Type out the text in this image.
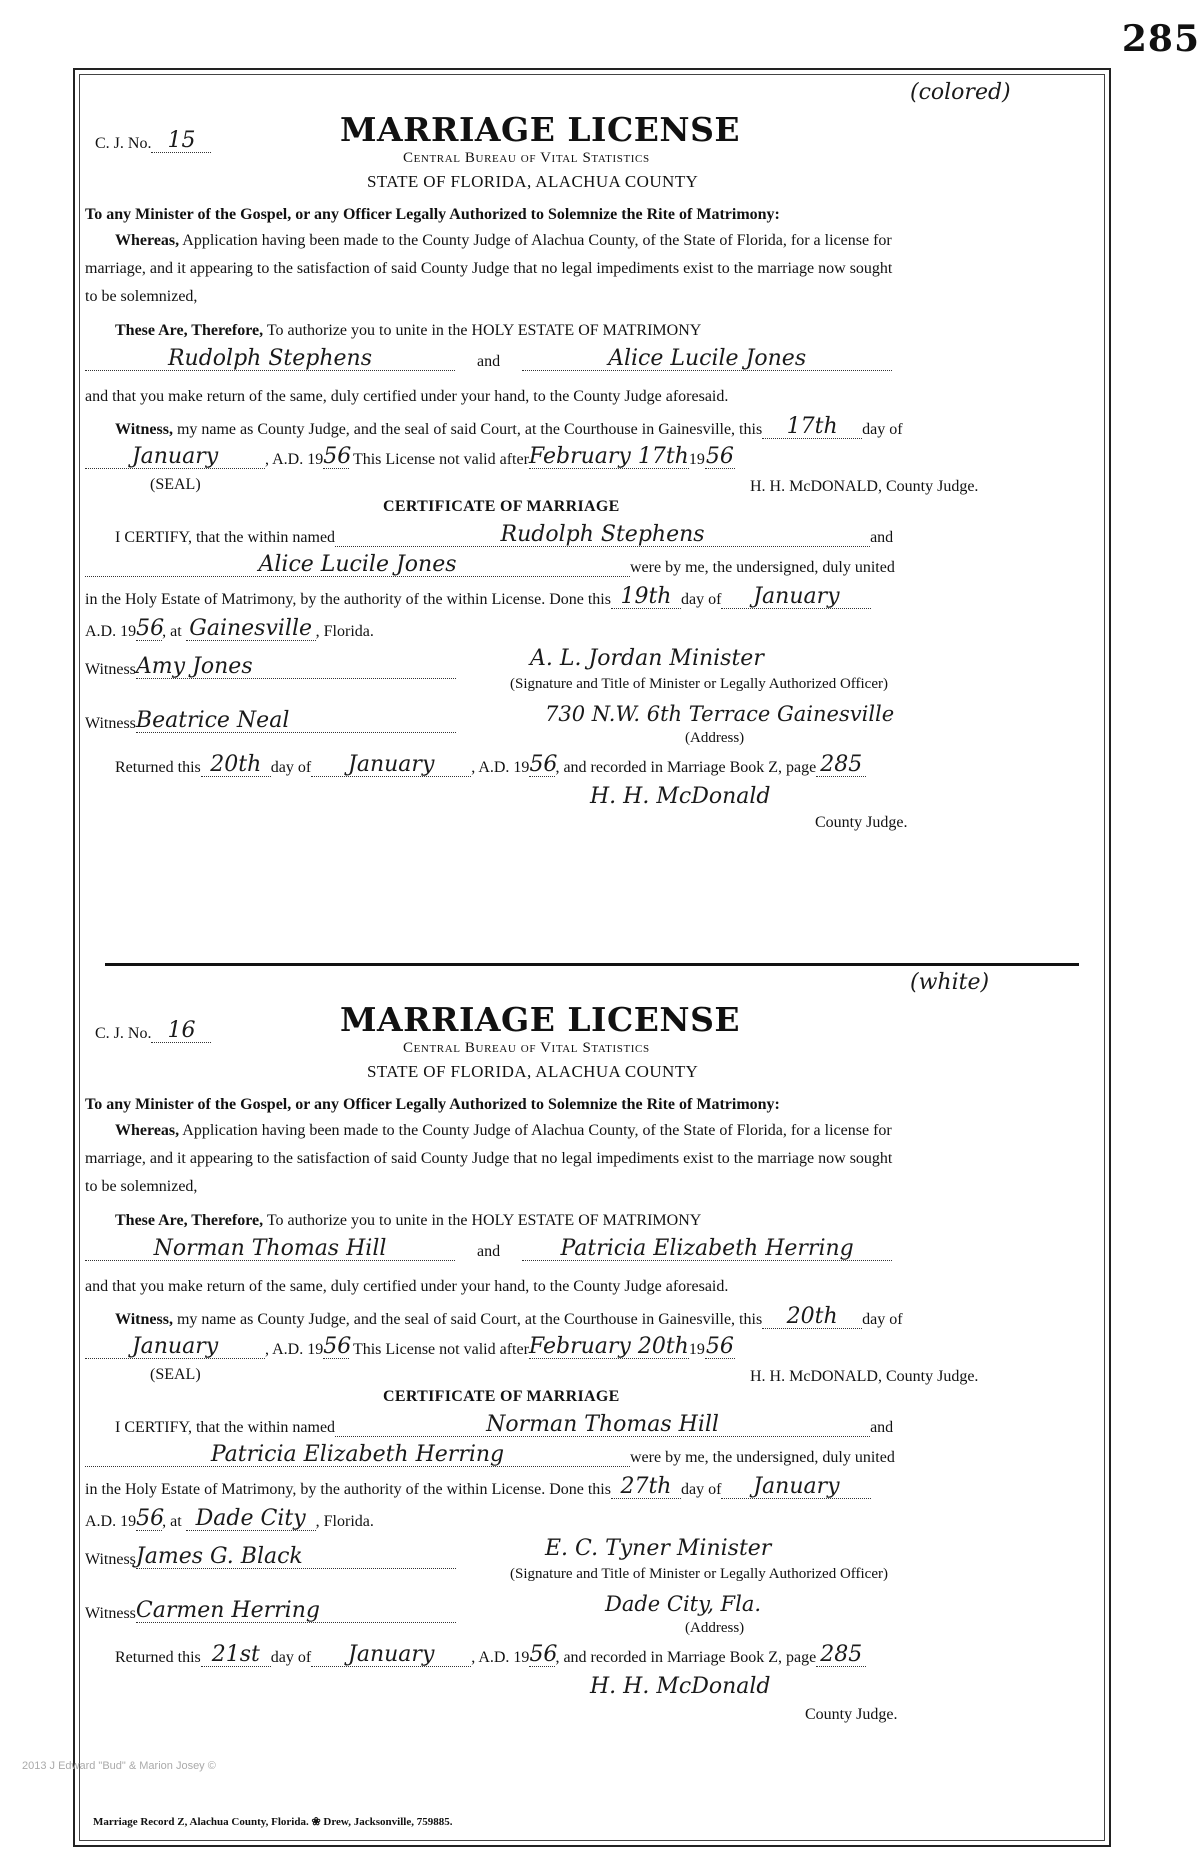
285
(colored)
C. J. No. 15	MARRIAGE LICENSE
Central Bureau of Vital Statistics
STATE OF FLORIDA, ALACHUA COUNTY
To any Minister of the Gospel, or any Officer Legally Authorized to Solemnize the Rite of Matrimony:
Whereas, Application having been made to the County Judge of Alachua County, of the State of Florida, for a license for
marriage, and it appearing to the satisfaction of said County Judge that no legal impediments exist to the marriage now sought
to be solemnized,
These Are, Therefore, To authorize you to unite in the HOLY ESTATE OF MATRIMONY
Rudolph Stephens	and	Alice Lucile Jones
and that you make return of the same, duly certified under your hand, to the County Judge aforesaid.
Witness, my name as County Judge, and the seal of said Court, at the Courthouse in Gainesville, this 17th day of
January	, A.D. 1956 This License not valid afterFebruary 17th1956
(SEAL)	H. H. McDONALD, County Judge.
CERTIFICATE OF MARRIAGE
I CERTIFY, that the within named	Rudolph Stephens	and
Alice Lucile Jones	were by me, the undersigned, duly united
in the Holy Estate of Matrimony, by the authority of the within License. Done this 19th day of January
A.D. 1956, at Gainesville , Florida.
WitnessAmy Jones	A. L. Jordan Minister
(Signature and Title of Minister or Legally Authorized Officer)
WitnessBeatrice Neal	730 N.W. 6th Terrace Gainesville
(Address)
Returned this 20th day of January , A.D. 1956, and recorded in Marriage Book Z, page 285
H. H. McDonald
County Judge.
(white)
C. J. No. 16	MARRIAGE LICENSE
Central Bureau of Vital Statistics
STATE OF FLORIDA, ALACHUA COUNTY
To any Minister of the Gospel, or any Officer Legally Authorized to Solemnize the Rite of Matrimony:
Whereas, Application having been made to the County Judge of Alachua County, of the State of Florida, for a license for
marriage, and it appearing to the satisfaction of said County Judge that no legal impediments exist to the marriage now sought
to be solemnized,
These Are, Therefore, To authorize you to unite in the HOLY ESTATE OF MATRIMONY
Norman Thomas Hill	and	Patricia Elizabeth Herring
and that you make return of the same, duly certified under your hand, to the County Judge aforesaid.
Witness, my name as County Judge, and the seal of said Court, at the Courthouse in Gainesville, this 20th day of
January	, A.D. 1956 This License not valid afterFebruary 20th1956
(SEAL)	H. H. McDONALD, County Judge.
CERTIFICATE OF MARRIAGE
I CERTIFY, that the within named	Norman Thomas Hill	and
Patricia Elizabeth Herring	were by me, the undersigned, duly united
in the Holy Estate of Matrimony, by the authority of the within License. Done this 27th day of January
A.D. 1956, at Dade City , Florida.
WitnessJames G. Black	E. C. Tyner Minister
(Signature and Title of Minister or Legally Authorized Officer)
WitnessCarmen Herring	Dade City, Fla.
(Address)
Returned this 21st day of January , A.D. 1956, and recorded in Marriage Book Z, page 285
H. H. McDonald
County Judge.
Marriage Record Z, Alachua County, Florida. ❀ Drew, Jacksonville, 759885.
2013 J Edward "Bud" & Marion Josey ©
